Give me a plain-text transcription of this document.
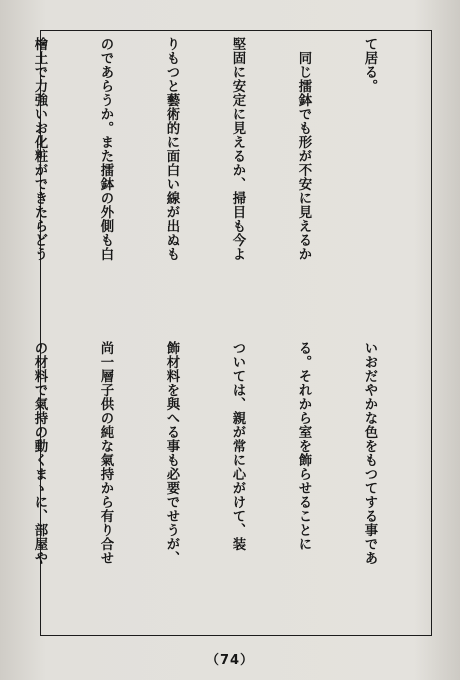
て居る。

　同じ擂鉢でも形が不安に見えるか

堅固に安定に見えるか、掃目も今よ

りもつと藝術的に面白い線が出ぬも

のであらうか。また擂鉢の外側も白

檜土で力強いお化粧ができたらどう

いおだやかな色をもつてする事であ

る。それから室を飾らせることに

ついては、親が常に心がけて、装

飾材料を與へる事も必要でせうが、

尚一層子供の純な氣持から有り合せ

の材料で氣持の動くまゝに、部屋や

（74）
